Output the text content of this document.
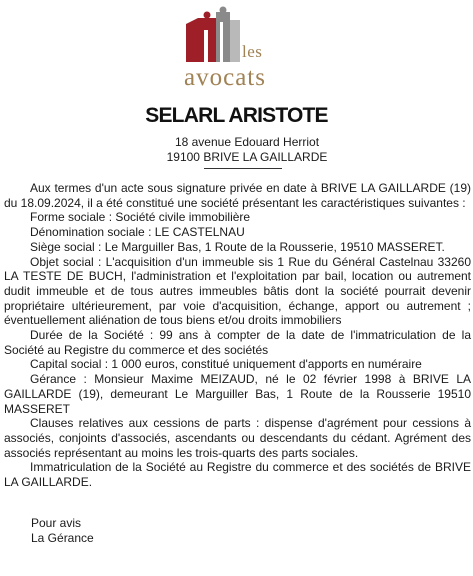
les
avocats
SELARL ARISTOTE
18 avenue Edouard Herriot
19100 BRIVE LA GAILLARDE

Aux termes d'un acte sous signature privée en date à BRIVE LA GAILLARDE (19) du 18.09.2024, il a été constitué une société présentant les caractéristiques suivantes :

Forme sociale : Société civile immobilière

Dénomination sociale : LE CASTELNAU

Siège social : Le Marguiller Bas, 1 Route de la Rousserie, 19510 MASSERET.

Objet social : L'acquisition d'un immeuble sis 1 Rue du Général Castelnau 33260 LA TESTE DE BUCH, l'administration et l'exploitation par bail, location ou autrement dudit immeuble et de tous autres immeubles bâtis dont la société pourrait devenir propriétaire ultérieurement, par voie d'acquisition, échange, apport ou autrement ; éventuellement aliénation de tous biens et/ou droits immobiliers

Durée de la Société : 99 ans à compter de la date de l'immatriculation de la Société au Registre du commerce et des sociétés

Capital social : 1 000 euros, constitué uniquement d'apports en numéraire

Gérance : Monsieur Maxime MEIZAUD, né le 02 février 1998 à BRIVE LA GAILLARDE (19), demeurant Le Marguiller Bas, 1 Route de la Rousserie 19510 MASSERET

Clauses relatives aux cessions de parts : dispense d'agrément pour cessions à associés, conjoints d'associés, ascendants ou descendants du cédant. Agrément des associés représentant au moins les trois-quarts des parts sociales.

Immatriculation de la Société au Registre du commerce et des sociétés de BRIVE LA GAILLARDE.

Pour avis
La Gérance
